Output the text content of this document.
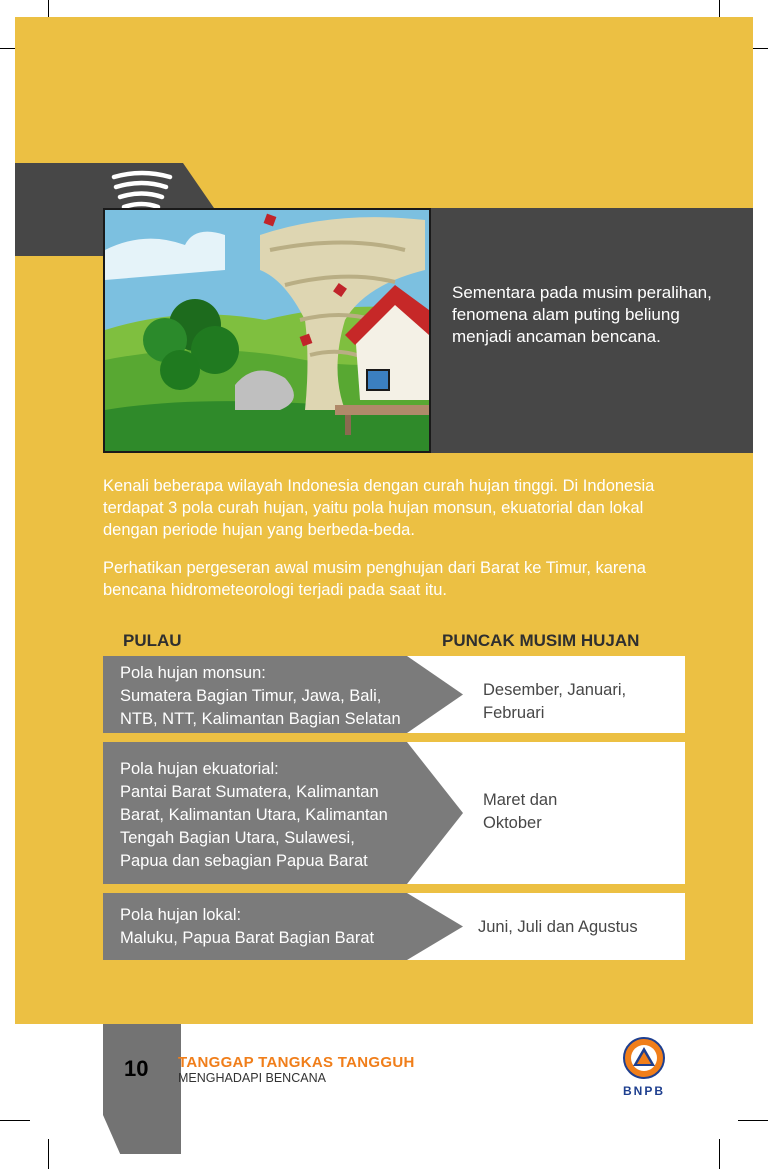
Sementara pada musim peralihan, fenomena alam puting beliung menjadi ancaman bencana.

Kenali beberapa wilayah Indonesia dengan curah hujan tinggi. Di Indonesia terdapat 3 pola curah hujan, yaitu pola hujan monsun, ekuatorial dan lokal dengan periode hujan yang berbeda-beda.

Perhatikan pergeseran awal musim penghujan dari Barat ke Timur, karena bencana hidrometeorologi terjadi pada saat itu.

PULAU	PUNCAK MUSIM HUJAN

Pola hujan monsun:
Sumatera Bagian Timur, Jawa, Bali,
NTB, NTT, Kalimantan Bagian Selatan

Desember, Januari,
Februari

Pola hujan ekuatorial:
Pantai Barat Sumatera, Kalimantan
Barat, Kalimantan Utara, Kalimantan
Tengah Bagian Utara, Sulawesi,
Papua dan sebagian Papua Barat

Maret dan
Oktober

Pola hujan lokal:
Maluku, Papua Barat Bagian Barat

Juni, Juli dan Agustus

10 TANGGAP TANGKAS TANGGUH
MENGHADAPI BENCANA
BNPB
